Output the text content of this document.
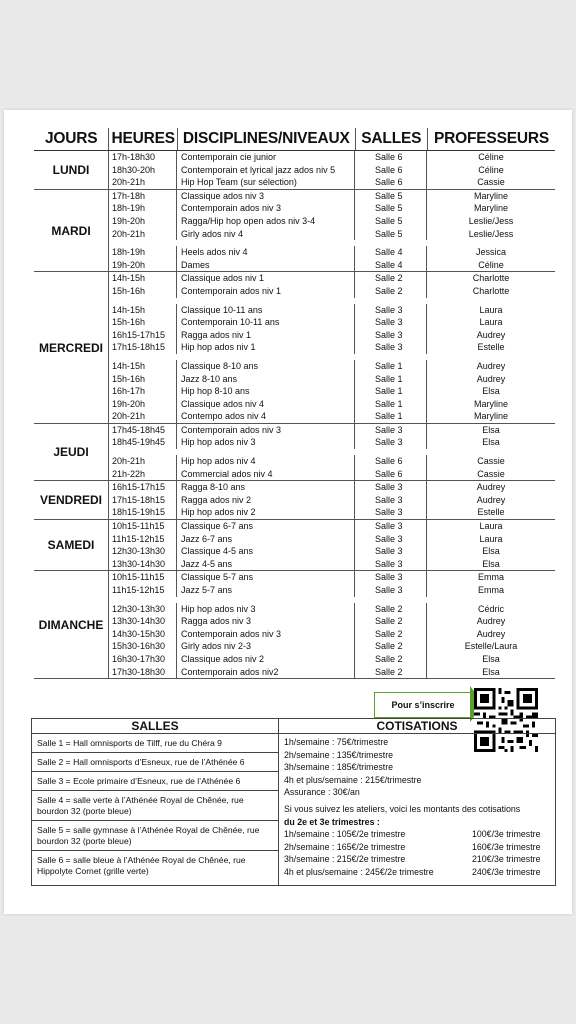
JOURS HEURES DISCIPLINES/NIVEAUX SALLES PROFESSEURS
LUNDI
17h-18h30	Contemporain cie junior	Salle 6	Céline
18h30-20h	Contemporain et lyrical jazz ados niv 5	Salle 6	Céline
20h-21h	Hip Hop Team (sur sélection)	Salle 6	Cassie
MARDI
17h-18h	Classique ados niv 3	Salle 5	Maryline
18h-19h	Contemporain ados niv 3	Salle 5	Maryline
19h-20h	Ragga/Hip hop open ados niv 3-4	Salle 5	Leslie/Jess
20h-21h	Girly ados niv 4	Salle 5	Leslie/Jess
18h-19h	Heels ados niv 4	Salle 4	Jessica
19h-20h	Dames	Salle 4	Céline
MERCREDI
14h-15h	Classique ados niv 1	Salle 2	Charlotte
15h-16h	Contemporain ados niv 1	Salle 2	Charlotte
14h-15h	Classique 10-11 ans	Salle 3	Laura
15h-16h	Contemporain 10-11 ans	Salle 3	Laura
16h15-17h15	Ragga ados niv 1	Salle 3	Audrey
17h15-18h15	Hip hop ados niv 1	Salle 3	Estelle
14h-15h	Classique 8-10 ans	Salle 1	Audrey
15h-16h	Jazz 8-10 ans	Salle 1	Audrey
16h-17h	Hip hop 8-10 ans	Salle 1	Elsa
19h-20h	Classique ados niv 4	Salle 1	Maryline
20h-21h	Contempo ados niv 4	Salle 1	Maryline
JEUDI
17h45-18h45	Contemporain ados niv 3	Salle 3	Elsa
18h45-19h45	Hip hop ados niv 3	Salle 3	Elsa
20h-21h	Hip hop ados niv 4	Salle 6	Cassie
21h-22h	Commercial ados niv 4	Salle 6	Cassie
VENDREDI
16h15-17h15	Ragga 8-10 ans	Salle 3	Audrey
17h15-18h15	Ragga ados niv 2	Salle 3	Audrey
18h15-19h15	Hip hop ados niv 2	Salle 3	Estelle
SAMEDI
10h15-11h15	Classique 6-7 ans	Salle 3	Laura
11h15-12h15	Jazz 6-7 ans	Salle 3	Laura
12h30-13h30	Classique 4-5 ans	Salle 3	Elsa
13h30-14h30	Jazz 4-5 ans	Salle 3	Elsa
DIMANCHE
10h15-11h15	Classique 5-7 ans	Salle 3	Emma
11h15-12h15	Jazz 5-7 ans	Salle 3	Emma
12h30-13h30	Hip hop ados niv 3	Salle 2	Cédric
13h30-14h30	Ragga ados niv 3	Salle 2	Audrey
14h30-15h30	Contemporain ados niv 3	Salle 2	Audrey
15h30-16h30	Girly ados niv 2-3	Salle 2	Estelle/Laura
16h30-17h30	Classique ados niv 2	Salle 2	Elsa
17h30-18h30	Contemporain ados niv2	Salle 2	Elsa
Pour s’inscrire
SALLES
Salle 1 = Hall omnisports de Tilff, rue du Chéra 9
Salle 2 = Hall omnisports d’Esneux, rue de l’Athénée 6
Salle 3 = Ecole primaire d’Esneux, rue de l’Athénée 6
Salle 4 = salle verte à l’Athénée Royal de Chênée, rue bourdon 32 (porte bleue)
Salle 5 = salle gymnase à l’Athénée Royal de Chênée, rue bourdon 32 (porte bleue)
Salle 6 = salle bleue à l’Athénée Royal de Chênée, rue Hippolyte Cornet (grille verte)
COTISATIONS
1h/semaine : 75€/trimestre
2h/semaine : 135€/trimestre
3h/semaine : 185€/trimestre
4h et plus/semaine : 215€/trimestre
Assurance : 30€/an
Si vous suivez les ateliers, voici les montants des cotisations
du 2e et 3e trimestres :
1h/semaine : 105€/2e trimestre	100€/3e trimestre
2h/semaine : 165€/2e trimestre	160€/3e trimestre
3h/semaine : 215€/2e trimestre	210€/3e trimestre
4h et plus/semaine : 245€/2e trimestre	240€/3e trimestre
